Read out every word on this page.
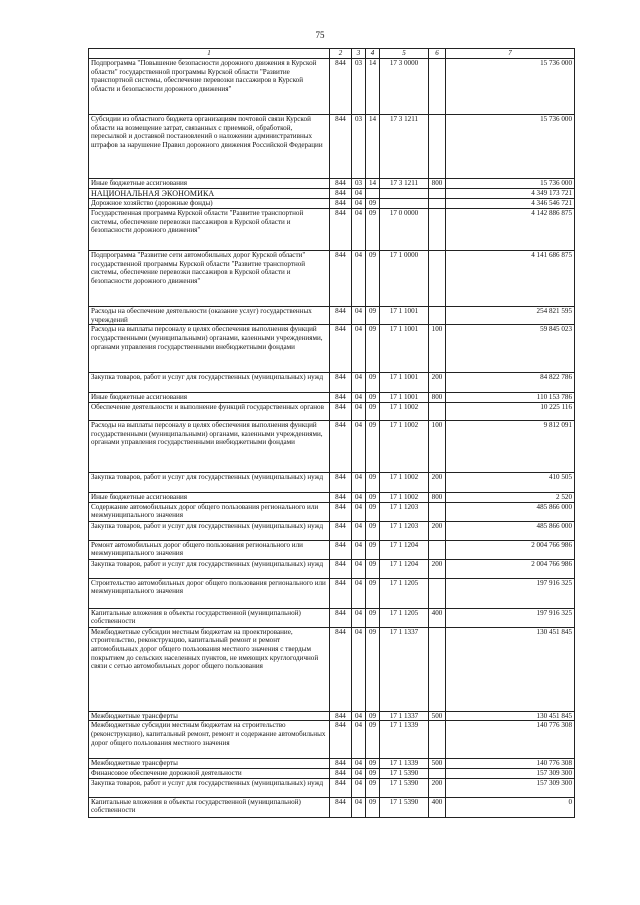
75
1	2	3	4	5	6	7
Подпрограмма "Повышение безопасности дорожного движения в Курской области" государственной программы Курской области "Развитие транспортной системы, обеспечение перевозки пассажиров в Курской области и безопасности дорожного движения"	844	03	14	17 3 0000		15 736 000
Субсидии из областного бюджета организациям почтовой связи Курской области на возмещение затрат, связанных с приемкой, обработкой, пересылкой и доставкой постановлений о наложении административных штрафов за нарушение Правил дорожного движения Российской Федерации	844	03	14	17 3 1211		15 736 000
Иные бюджетные ассигнования	844	03	14	17 3 1211	800	15 736 000
НАЦИОНАЛЬНАЯ ЭКОНОМИКА	844	04				4 349 173 721
Дорожное хозяйство (дорожные фонды)	844	04	09			4 346 546 721
Государственная программа Курской области "Развитие транспортной системы, обеспечение перевозки пассажиров в Курской области и безопасности дорожного движения"	844	04	09	17 0 0000		4 142 886 875
Подпрограмма "Развитие сети автомобильных дорог Курской области" государственной программы Курской области "Развитие транспортной системы, обеспечение перевозки пассажиров в Курской области и безопасности дорожного движения"	844	04	09	17 1 0000		4 141 686 875
Расходы на обеспечение деятельности (оказание услуг) государственных учреждений	844	04	09	17 1 1001		254 821 595
Расходы на выплаты персоналу в целях обеспечения выполнения функций государственными (муниципальными) органами, казенными учреждениями, органами управления государственными внебюджетными фондами	844	04	09	17 1 1001	100	59 845 023
Закупка товаров, работ и услуг для государственных (муниципальных) нужд	844	04	09	17 1 1001	200	84 822 786
Иные бюджетные ассигнования	844	04	09	17 1 1001	800	110 153 786
Обеспечение деятельности и выполнение функций государственных органов	844	04	09	17 1 1002		10 225 116
Расходы на выплаты персоналу в целях обеспечения выполнения функций государственными (муниципальными) органами, казенными учреждениями, органами управления государственными внебюджетными фондами	844	04	09	17 1 1002	100	9 812 091
Закупка товаров, работ и услуг для государственных (муниципальных) нужд	844	04	09	17 1 1002	200	410 505
Иные бюджетные ассигнования	844	04	09	17 1 1002	800	2 520
Содержание автомобильных дорог общего пользования регионального или межмуниципального значения	844	04	09	17 1 1203		485 866 000
Закупка товаров, работ и услуг для государственных (муниципальных) нужд	844	04	09	17 1 1203	200	485 866 000
Ремонт автомобильных дорог общего пользования регионального или межмуниципального значения	844	04	09	17 1 1204		2 004 766 986
Закупка товаров, работ и услуг для государственных (муниципальных) нужд	844	04	09	17 1 1204	200	2 004 766 986
Строительство автомобильных дорог общего пользования регионального или межмуниципального значения	844	04	09	17 1 1205		197 916 325
Капитальные вложения в объекты государственной (муниципальной) собственности	844	04	09	17 1 1205	400	197 916 325
Межбюджетные субсидии местным бюджетам на проектирование, строительство, реконструкцию, капитальный ремонт и ремонт автомобильных дорог общего пользования местного значения с твердым покрытием до сельских населенных пунктов, не имеющих круглогодичной связи с сетью автомобильных дорог общего пользования	844	04	09	17 1 1337		130 451 845
Межбюджетные трансферты	844	04	09	17 1 1337	500	130 451 845
Межбюджетные субсидии местным бюджетам на строительство (реконструкцию), капитальный ремонт, ремонт и содержание автомобильных дорог общего пользования местного значения	844	04	09	17 1 1339		140 776 308
Межбюджетные трансферты	844	04	09	17 1 1339	500	140 776 308
Финансовое обеспечение дорожной деятельности	844	04	09	17 1 5390		157 309 300
Закупка товаров, работ и услуг для государственных (муниципальных) нужд	844	04	09	17 1 5390	200	157 309 300
Капитальные вложения в объекты государственной (муниципальной) собственности	844	04	09	17 1 5390	400	0
